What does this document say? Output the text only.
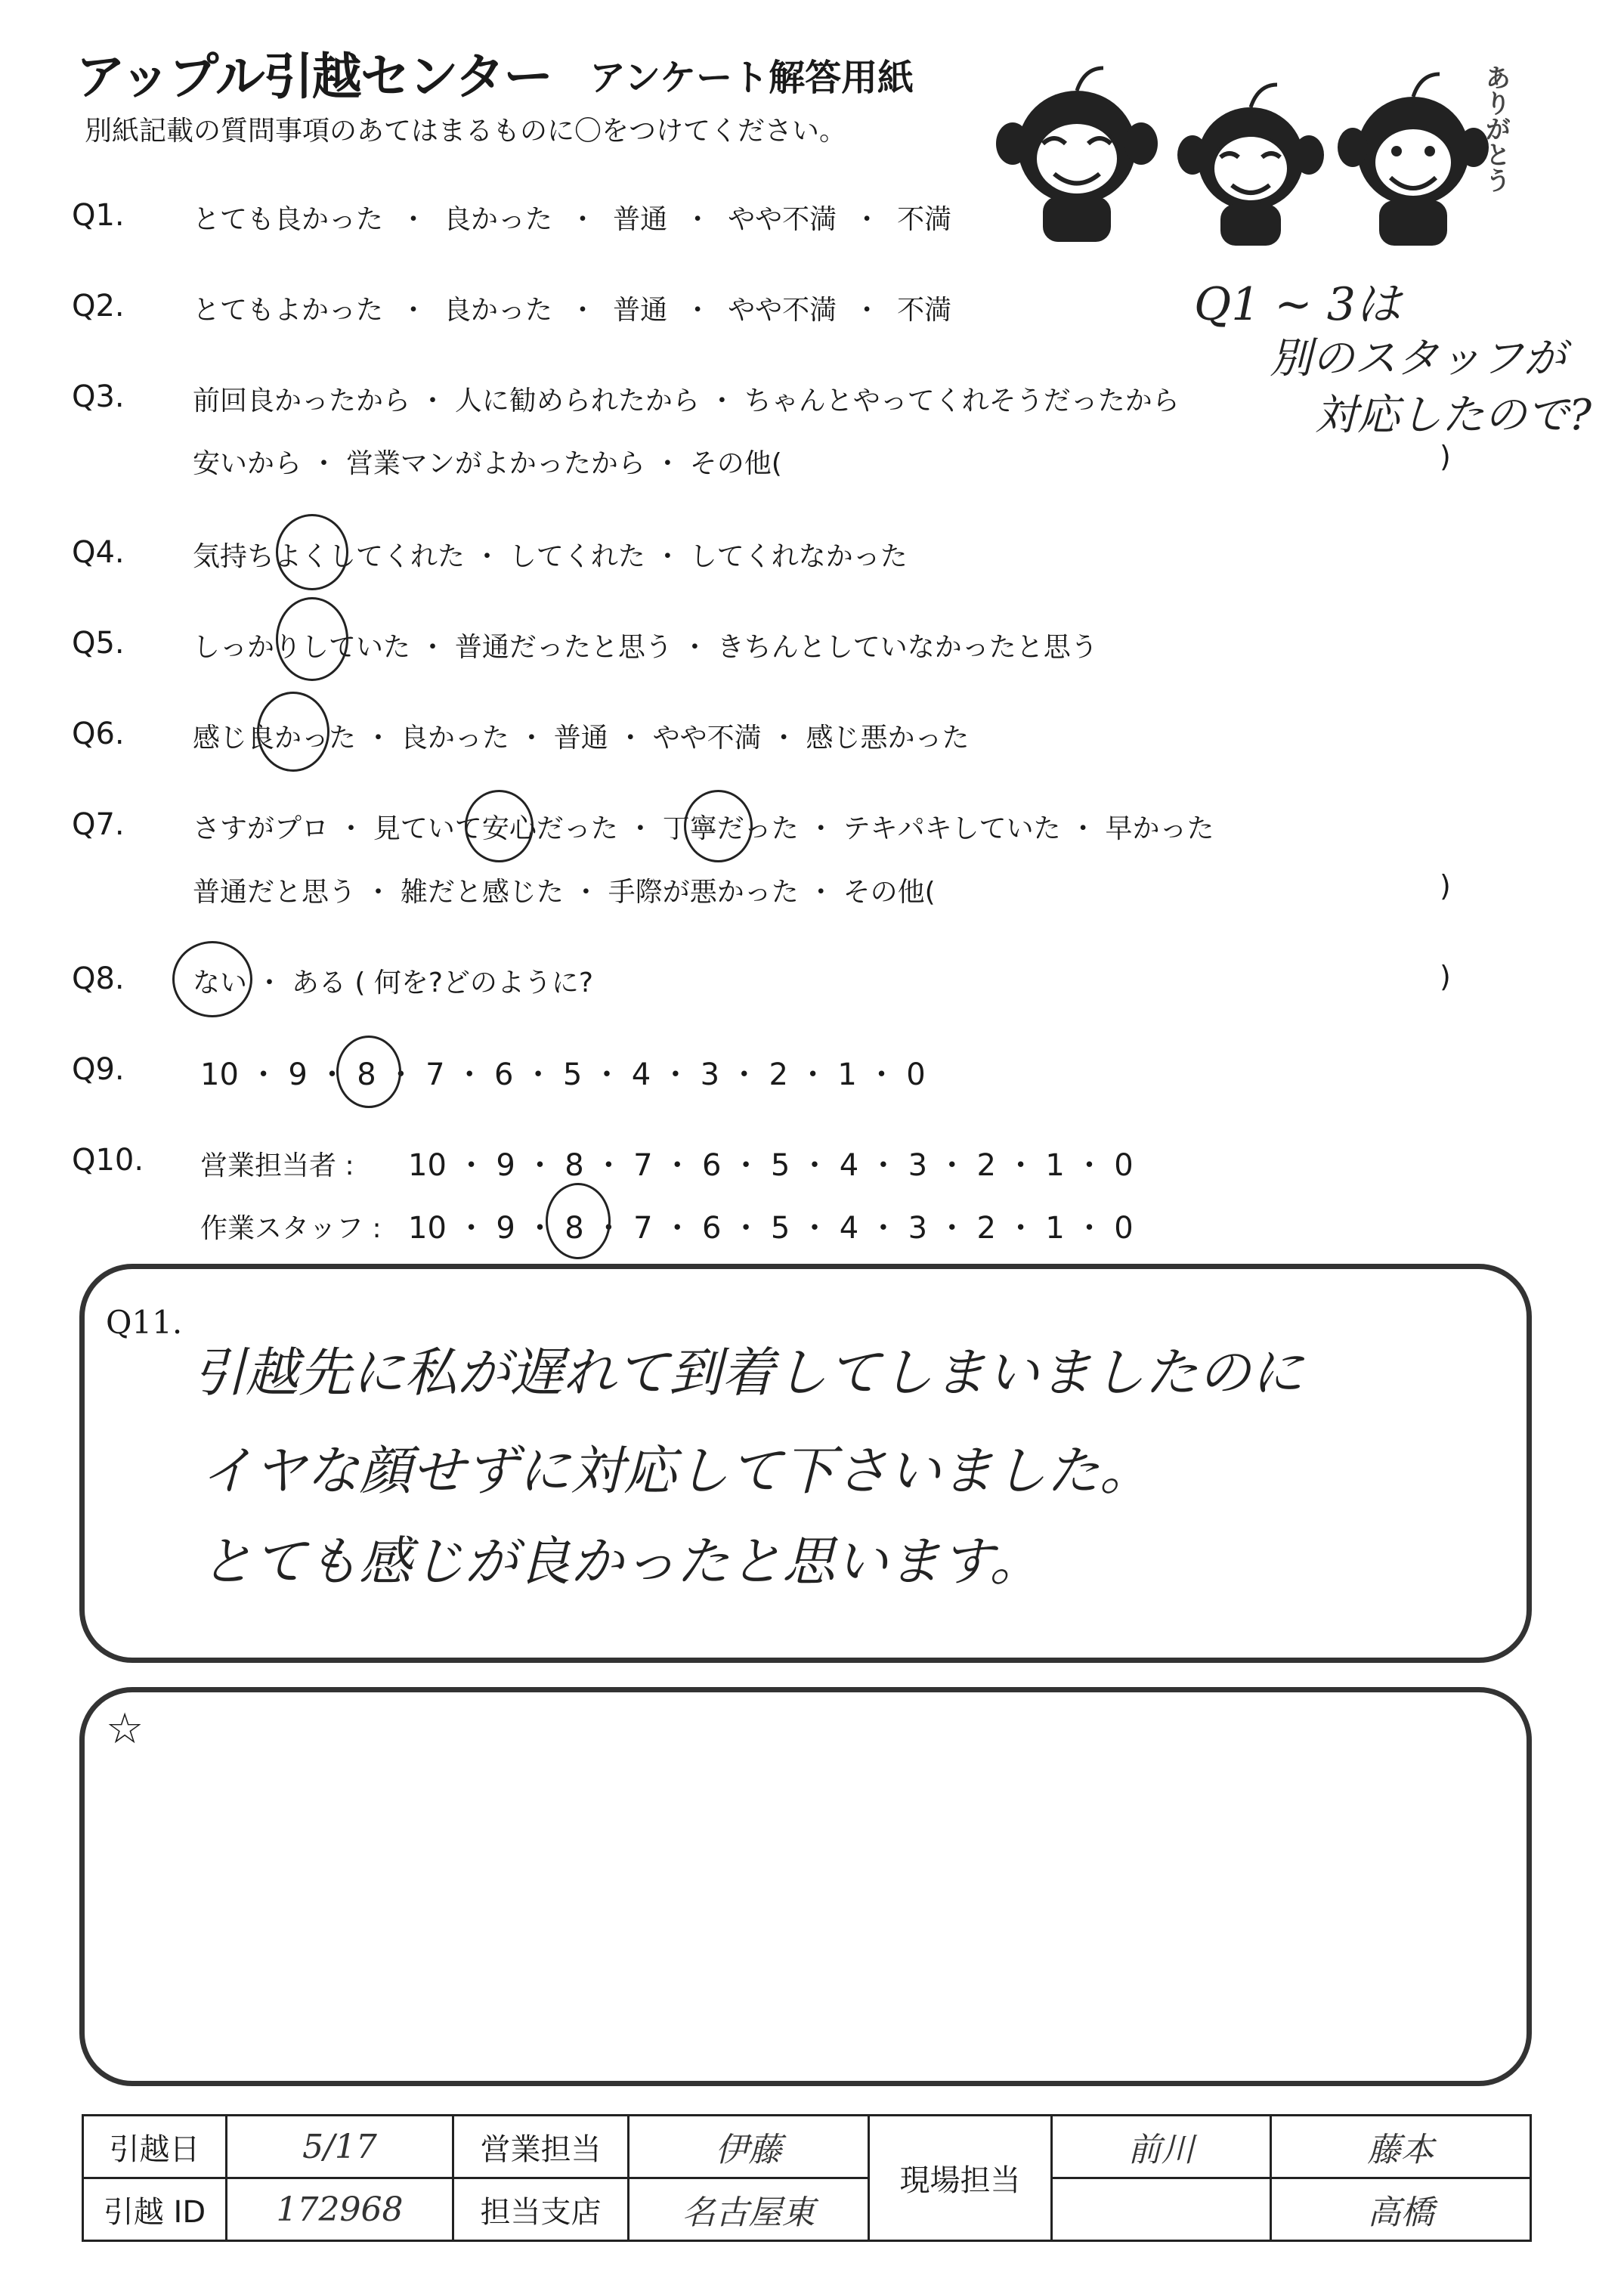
アップル引越センター アンケート解答用紙
別紙記載の質問事項のあてはまるものに〇をつけてください。	ありがとう
Q1.	とても良かった ・ 良かった ・ 普通 ・ やや不満 ・ 不満
Q2.	とてもよかった ・ 良かった ・ 普通 ・ やや不満 ・ 不満	Q1 ~ 3は
別のスタッフが
対応したので?
Q3.	前回良かったから ・ 人に勧められたから ・ ちゃんとやってくれそうだったから
安いから ・ 営業マンがよかったから ・ その他(	)
Q4.	気持ちよくしてくれた ・ してくれた ・ してくれなかった
Q5.	しっかりしていた ・ 普通だったと思う ・ きちんとしていなかったと思う
Q6.	感じ良かった ・ 良かった ・ 普通 ・ やや不満 ・ 感じ悪かった
Q7.	さすがプロ ・ 見ていて安心だった ・ 丁寧だった ・ テキパキしていた ・ 早かった
普通だと思う ・ 雑だと感じた ・ 手際が悪かった ・ その他(	)
Q8.	ない ・ ある ( 何を?どのように?	)
Q9.	10 ・ 9 ・ 8 ・ 7 ・ 6 ・ 5 ・ 4 ・ 3 ・ 2 ・ 1 ・ 0
Q10. 営業担当者 : 10 ・ 9 ・ 8 ・ 7 ・ 6 ・ 5 ・ 4 ・ 3 ・ 2 ・ 1 ・ 0
作業スタッフ : 10 ・ 9 ・ 8 ・ 7 ・ 6 ・ 5 ・ 4 ・ 3 ・ 2 ・ 1 ・ 0
Q11.
引越先に私が遅れて到着してしまいましたのに
イヤな顔せずに対応して下さいました。
とても感じが良かったと思います。
☆
引越日	5/17	営業担当	伊藤	現場担当	前川	藤本
引越 ID	172968	担当支店	名古屋東			高橋
